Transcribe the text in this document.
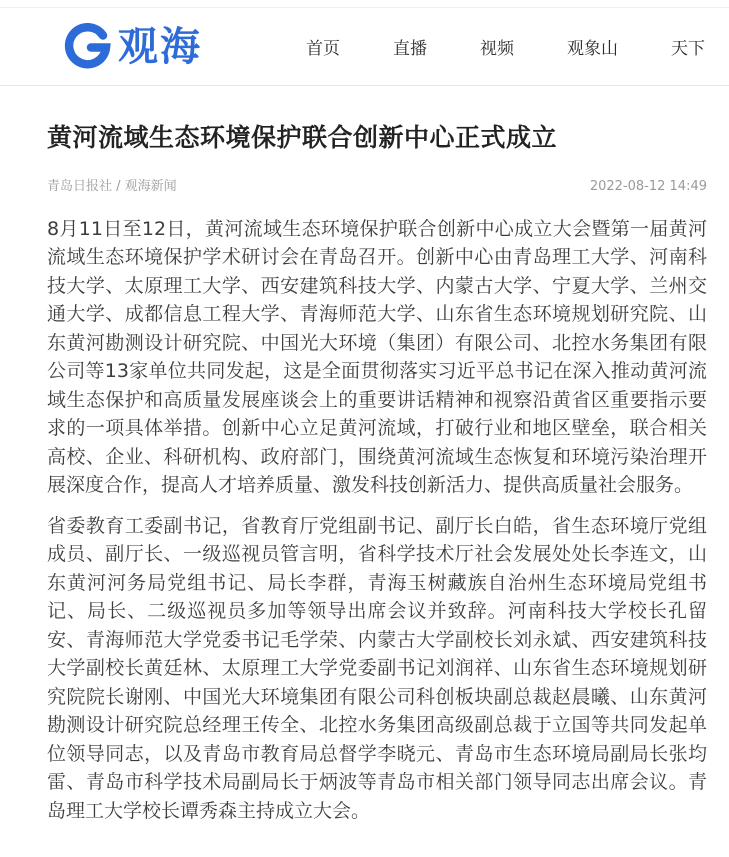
观海	首页	直播	视频	观象山	天下
黄河流域生态环境保护联合创新中心正式成立
青岛日报社 / 观海新闻	2022-08-12 14:49

8月11日至12日，黄河流域生态环境保护联合创新中心成立大会暨第一届黄河流域生态环境保护学术研讨会在青岛召开。创新中心由青岛理工大学、河南科技大学、太原理工大学、西安建筑科技大学、内蒙古大学、宁夏大学、兰州交通大学、成都信息工程大学、青海师范大学、山东省生态环境规划研究院、山东黄河勘测设计研究院、中国光大环境（集团）有限公司、北控水务集团有限公司等13家单位共同发起，这是全面贯彻落实习近平总书记在深入推动黄河流域生态保护和高质量发展座谈会上的重要讲话精神和视察沿黄省区重要指示要求的一项具体举措。创新中心立足黄河流域，打破行业和地区壁垒，联合相关高校、企业、科研机构、政府部门，围绕黄河流域生态恢复和环境污染治理开展深度合作，提高人才培养质量、激发科技创新活力、提供高质量社会服务。

省委教育工委副书记，省教育厅党组副书记、副厅长白皓，省生态环境厅党组成员、副厅长、一级巡视员管言明，省科学技术厅社会发展处处长李连文，山东黄河河务局党组书记、局长李群，青海玉树藏族自治州生态环境局党组书记、局长、二级巡视员多加等领导出席会议并致辞。河南科技大学校长孔留安、青海师范大学党委书记毛学荣、内蒙古大学副校长刘永斌、西安建筑科技大学副校长黄廷林、太原理工大学党委副书记刘润祥、山东省生态环境规划研究院院长谢刚、中国光大环境集团有限公司科创板块副总裁赵晨曦、山东黄河勘测设计研究院总经理王传全、北控水务集团高级副总裁于立国等共同发起单位领导同志，以及青岛市教育局总督学李晓元、青岛市生态环境局副局长张均雷、青岛市科学技术局副局长于炳波等青岛市相关部门领导同志出席会议。青岛理工大学校长谭秀森主持成立大会。
